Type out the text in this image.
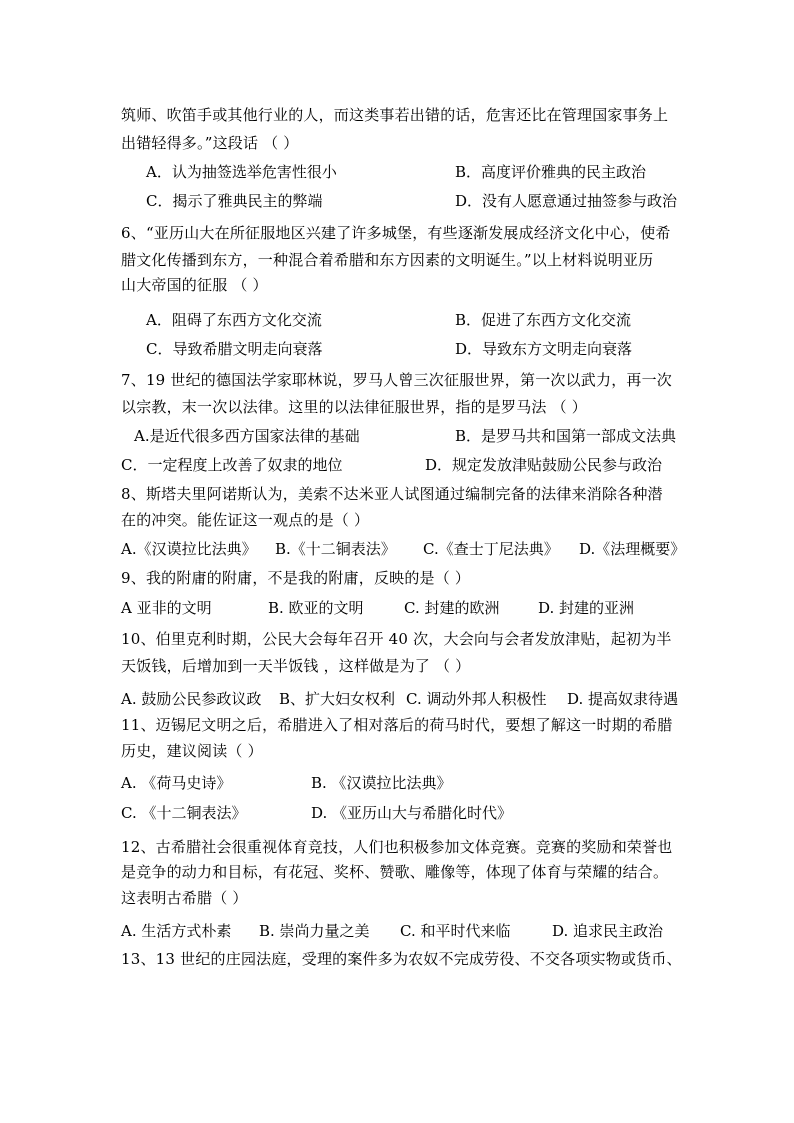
筑师、吹笛手或其他行业的人，而这类事若出错的话，危害还比在管理国家事务上
出错轻得多。”这段话 （ ）
A．认为抽签选举危害性很小	B．高度评价雅典的民主政治
C．揭示了雅典民主的弊端	D．没有人愿意通过抽签参与政治
6、“亚历山大在所征服地区兴建了许多城堡，有些逐渐发展成经济文化中心，使希
腊文化传播到东方，一种混合着希腊和东方因素的文明诞生。”以上材料说明亚历
山大帝国的征服 （ ）
A．阻碍了东西方文化交流	B．促进了东西方文化交流
C．导致希腊文明走向衰落	D．导致东方文明走向衰落
7、19 世纪的德国法学家耶林说，罗马人曾三次征服世界，第一次以武力，再一次
以宗教，末一次以法律。这里的以法律征服世界，指的是罗马法 （ ）
A.是近代很多西方国家法律的基础	B．是罗马共和国第一部成文法典
C．一定程度上改善了奴隶的地位	D．规定发放津贴鼓励公民参与政治
8、斯塔夫里阿诺斯认为，美索不达米亚人试图通过编制完备的法律来消除各种潜
在的冲突。能佐证这一观点的是（ ）
A.《汉谟拉比法典》 B.《十二铜表法》 C.《查士丁尼法典》 D.《法理概要》
9、我的附庸的附庸，不是我的附庸，反映的是（ ）
A 亚非的文明	B. 欧亚的文明	C. 封建的欧洲	D. 封建的亚洲
10、伯里克利时期，公民大会每年召开 40 次，大会向与会者发放津贴，起初为半
天饭钱，后增加到一天半饭钱 ，这样做是为了 （ ）
A. 鼓励公民参政议政 B、扩大妇女权利 C. 调动外邦人积极性 D. 提高奴隶待遇
11、迈锡尼文明之后，希腊进入了相对落后的荷马时代，要想了解这一时期的希腊
历史，建议阅读（ ）
A. 《荷马史诗》	B. 《汉谟拉比法典》
C. 《十二铜表法》	D. 《亚历山大与希腊化时代》
12、古希腊社会很重视体育竞技，人们也积极参加文体竞赛。竞赛的奖励和荣誉也
是竞争的动力和目标，有花冠、奖杯、赞歌、雕像等，体现了体育与荣耀的结合。
这表明古希腊（ ）
A. 生活方式朴素 B. 崇尚力量之美 C. 和平时代来临	D. 追求民主政治
13、13 世纪的庄园法庭，受理的案件多为农奴不完成劳役、不交各项实物或货币、
